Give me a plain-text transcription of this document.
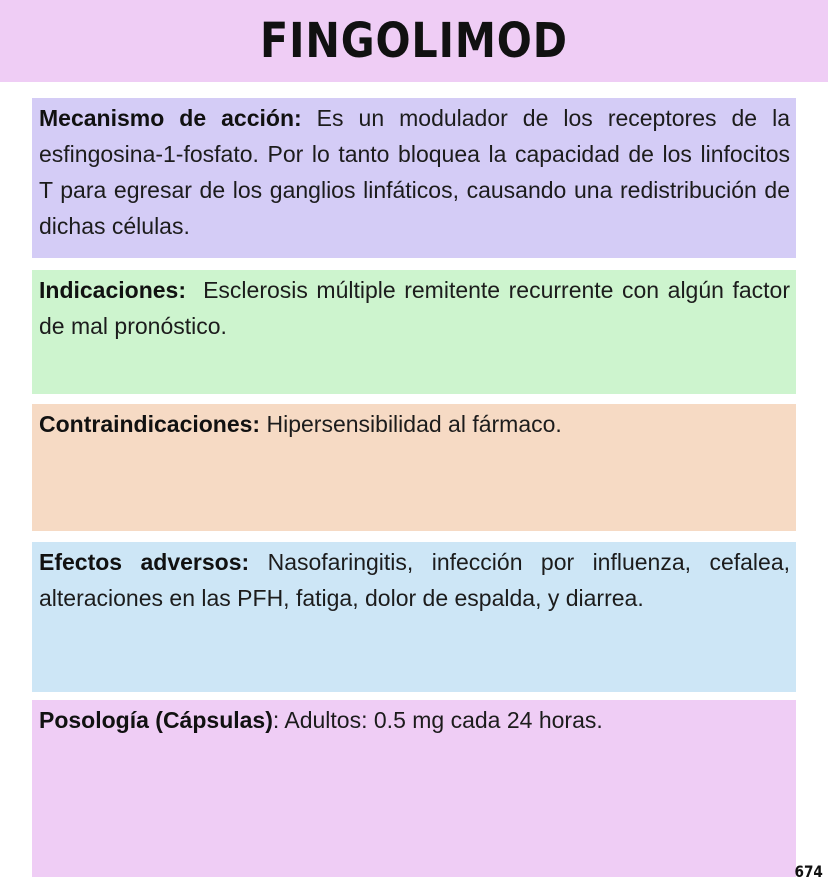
FINGOLIMOD
Mecanismo de acción: Es un modulador de los receptores de la esfingosina-1-fosfato. Por lo tanto bloquea la capacidad de los linfocitos T para egresar de los ganglios linfáticos, causando una redistribución de dichas células.
Indicaciones:  Esclerosis múltiple remitente recurrente con algún factor de mal pronóstico.
Contraindicaciones: Hipersensibilidad al fármaco.
Efectos adversos: Nasofaringitis, infección por influenza, cefalea, alteraciones en las PFH, fatiga, dolor de espalda, y diarrea.
Posología (Cápsulas): Adultos: 0.5 mg cada 24 horas.
674
